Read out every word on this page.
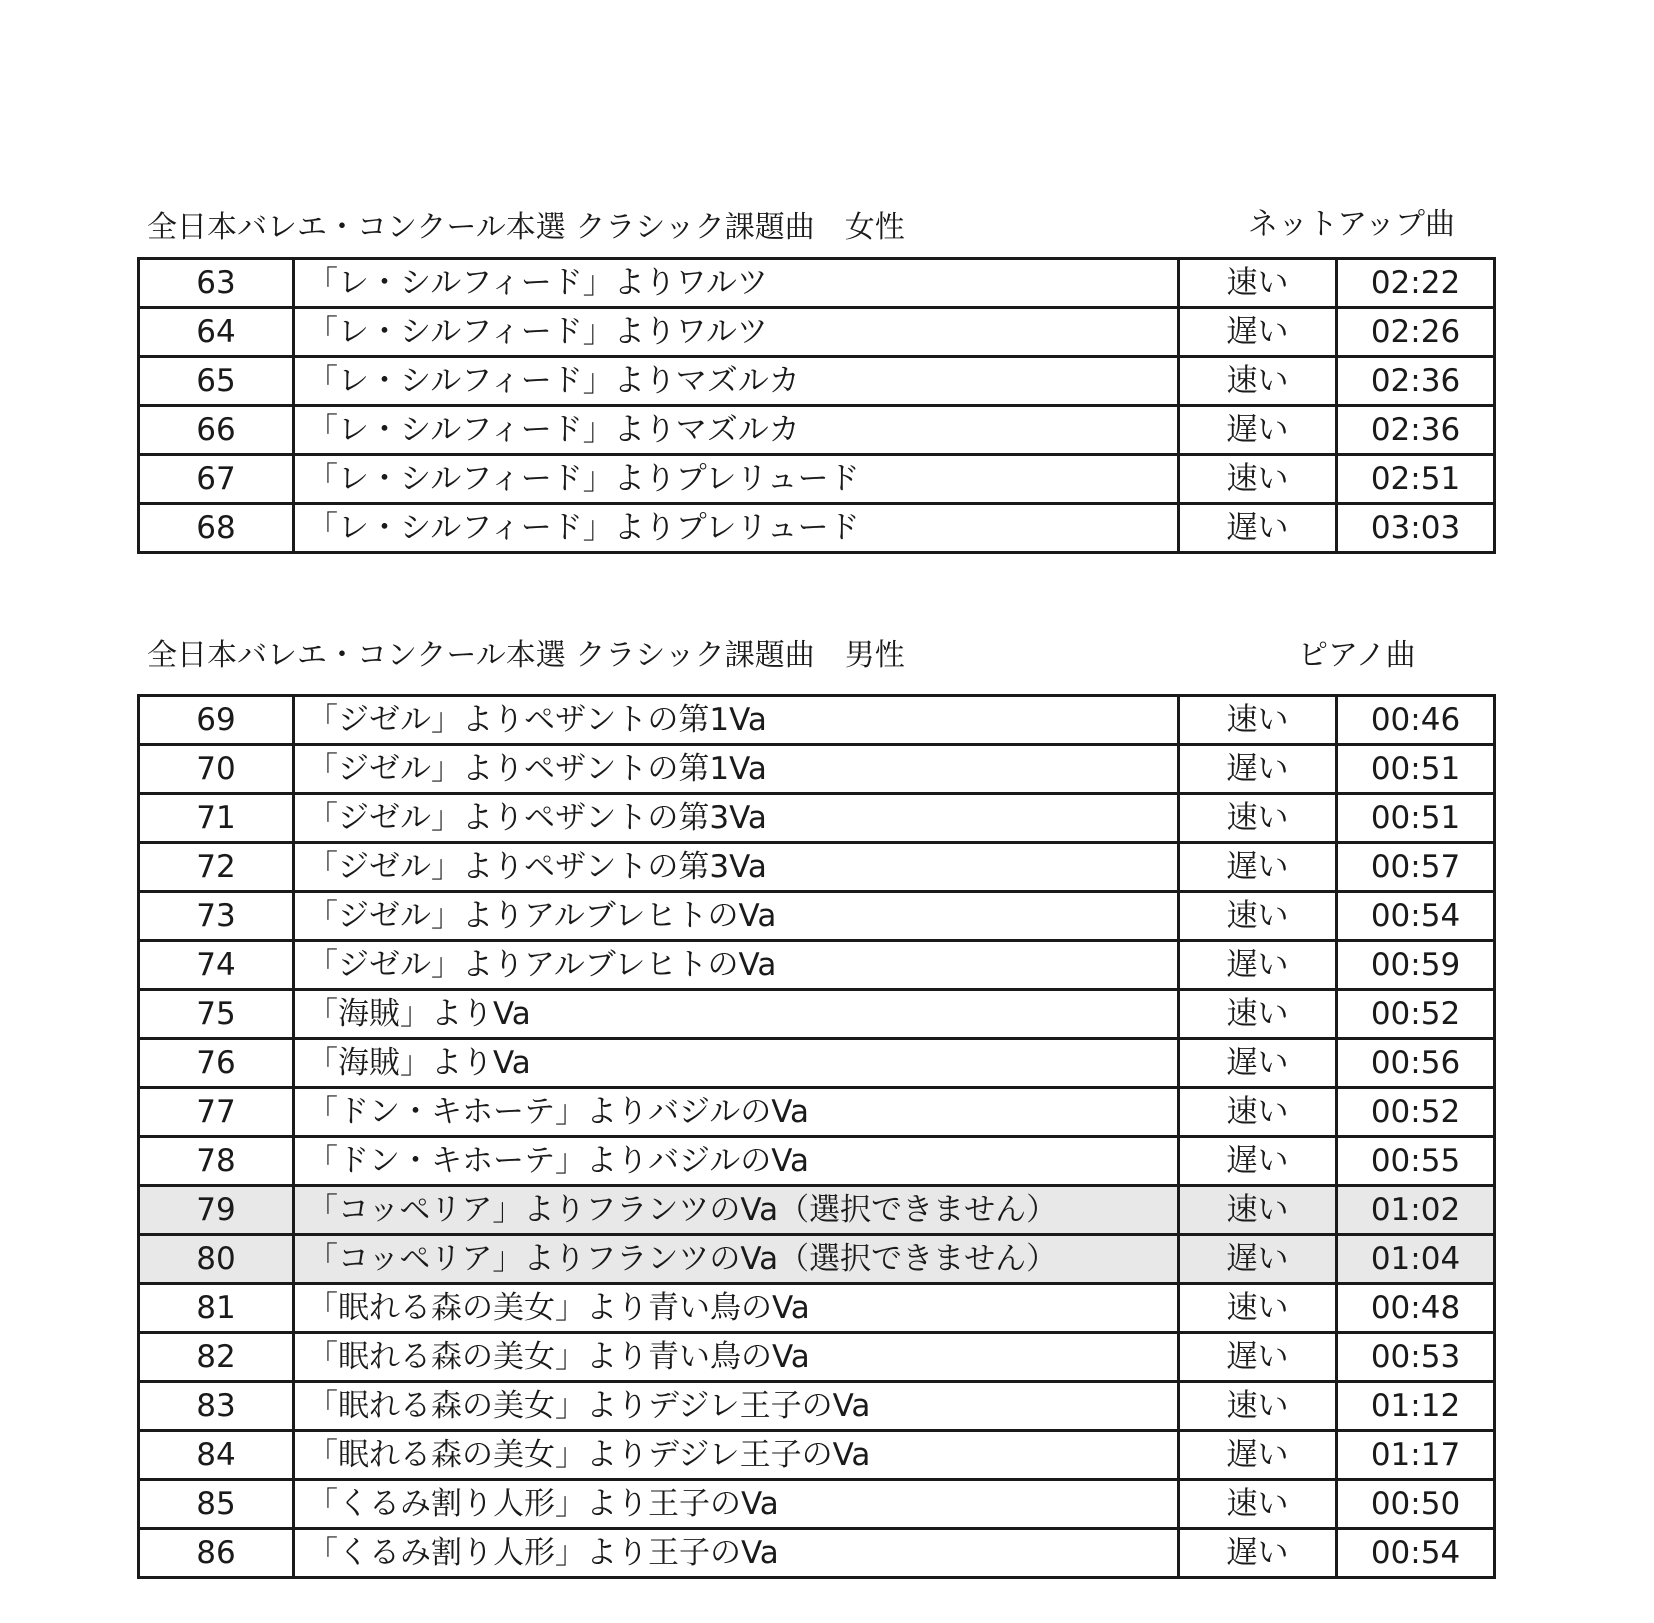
全日本バレエ・コンクール本選 クラシック課題曲　女性	ネットアップ曲
63	「レ・シルフィード」よりワルツ	速い	02:22
64	「レ・シルフィード」よりワルツ	遅い	02:26
65	「レ・シルフィード」よりマズルカ	速い	02:36
66	「レ・シルフィード」よりマズルカ	遅い	02:36
67	「レ・シルフィード」よりプレリュード	速い	02:51
68	「レ・シルフィード」よりプレリュード	遅い	03:03
全日本バレエ・コンクール本選 クラシック課題曲　男性	ピアノ曲
69	「ジゼル」よりペザントの第1Va	速い	00:46
70	「ジゼル」よりペザントの第1Va	遅い	00:51
71	「ジゼル」よりペザントの第3Va	速い	00:51
72	「ジゼル」よりペザントの第3Va	遅い	00:57
73	「ジゼル」よりアルブレヒトのVa	速い	00:54
74	「ジゼル」よりアルブレヒトのVa	遅い	00:59
75	「海賊」よりVa	速い	00:52
76	「海賊」よりVa	遅い	00:56
77	「ドン・キホーテ」よりバジルのVa	速い	00:52
78	「ドン・キホーテ」よりバジルのVa	遅い	00:55
79	「コッペリア」よりフランツのVa（選択できません）	速い	01:02
80	「コッペリア」よりフランツのVa（選択できません）	遅い	01:04
81	「眠れる森の美女」より青い鳥のVa	速い	00:48
82	「眠れる森の美女」より青い鳥のVa	遅い	00:53
83	「眠れる森の美女」よりデジレ王子のVa	速い	01:12
84	「眠れる森の美女」よりデジレ王子のVa	遅い	01:17
85	「くるみ割り人形」より王子のVa	速い	00:50
86	「くるみ割り人形」より王子のVa	遅い	00:54
